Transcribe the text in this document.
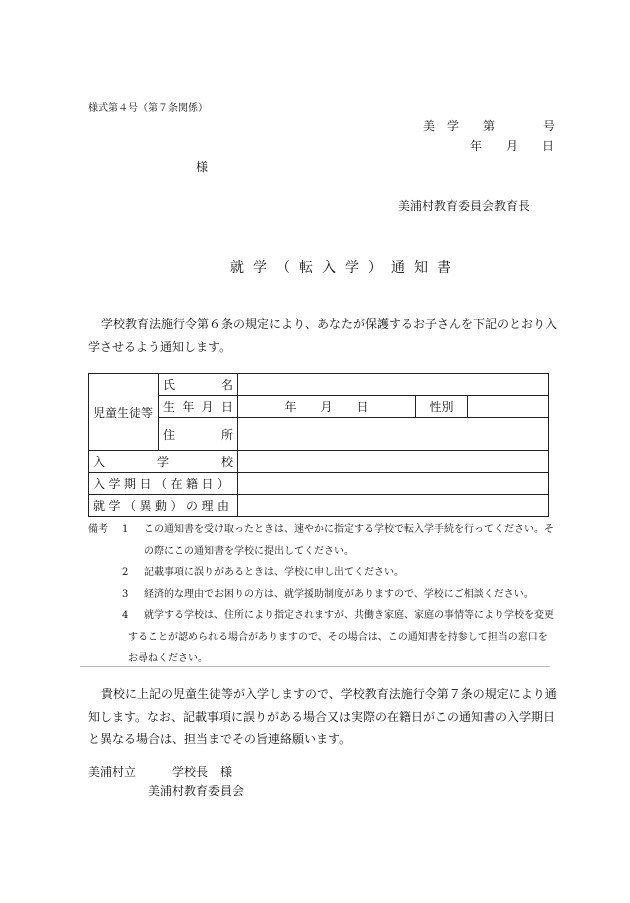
様式第４号（第７条関係）
美　学　　第　　　　号
年　　月　　日
様
美浦村教育委員会教育長
就学（転入学）通知書
学校教育法施行令第６条の規定により、あなたが保護するお子さんを下記のとおり入
学させるよう通知します。
児童生徒等	氏 名			

	生 年 月 日	年　　月　　日	性別	

	住 所			

入 学 校				

入学期日（在籍日）				
就学（異動）の理由				
備考	1	この通知書を受け取ったときは、速やかに指定する学校で転入学手続を行ってください。そ
の際にこの通知書を学校に提出してください。
2	記載事項に誤りがあるときは、学校に申し出てください。
3	経済的な理由でお困りの方は、就学援助制度がありますので、学校にご相談ください。
4	就学する学校は、住所により指定されますが、共働き家庭、家庭の事情等により学校を変更
することが認められる場合がありますので、その場合は、この通知書を持参して担当の窓口を
お尋ねください。
貴校に上記の児童生徒等が入学しますので、学校教育法施行令第７条の規定により通
知します。なお、記載事項に誤りがある場合又は実際の在籍日がこの通知書の入学期日
と異なる場合は、担当までその旨連絡願います。
美浦村立　　　学校長　様
美浦村教育委員会
